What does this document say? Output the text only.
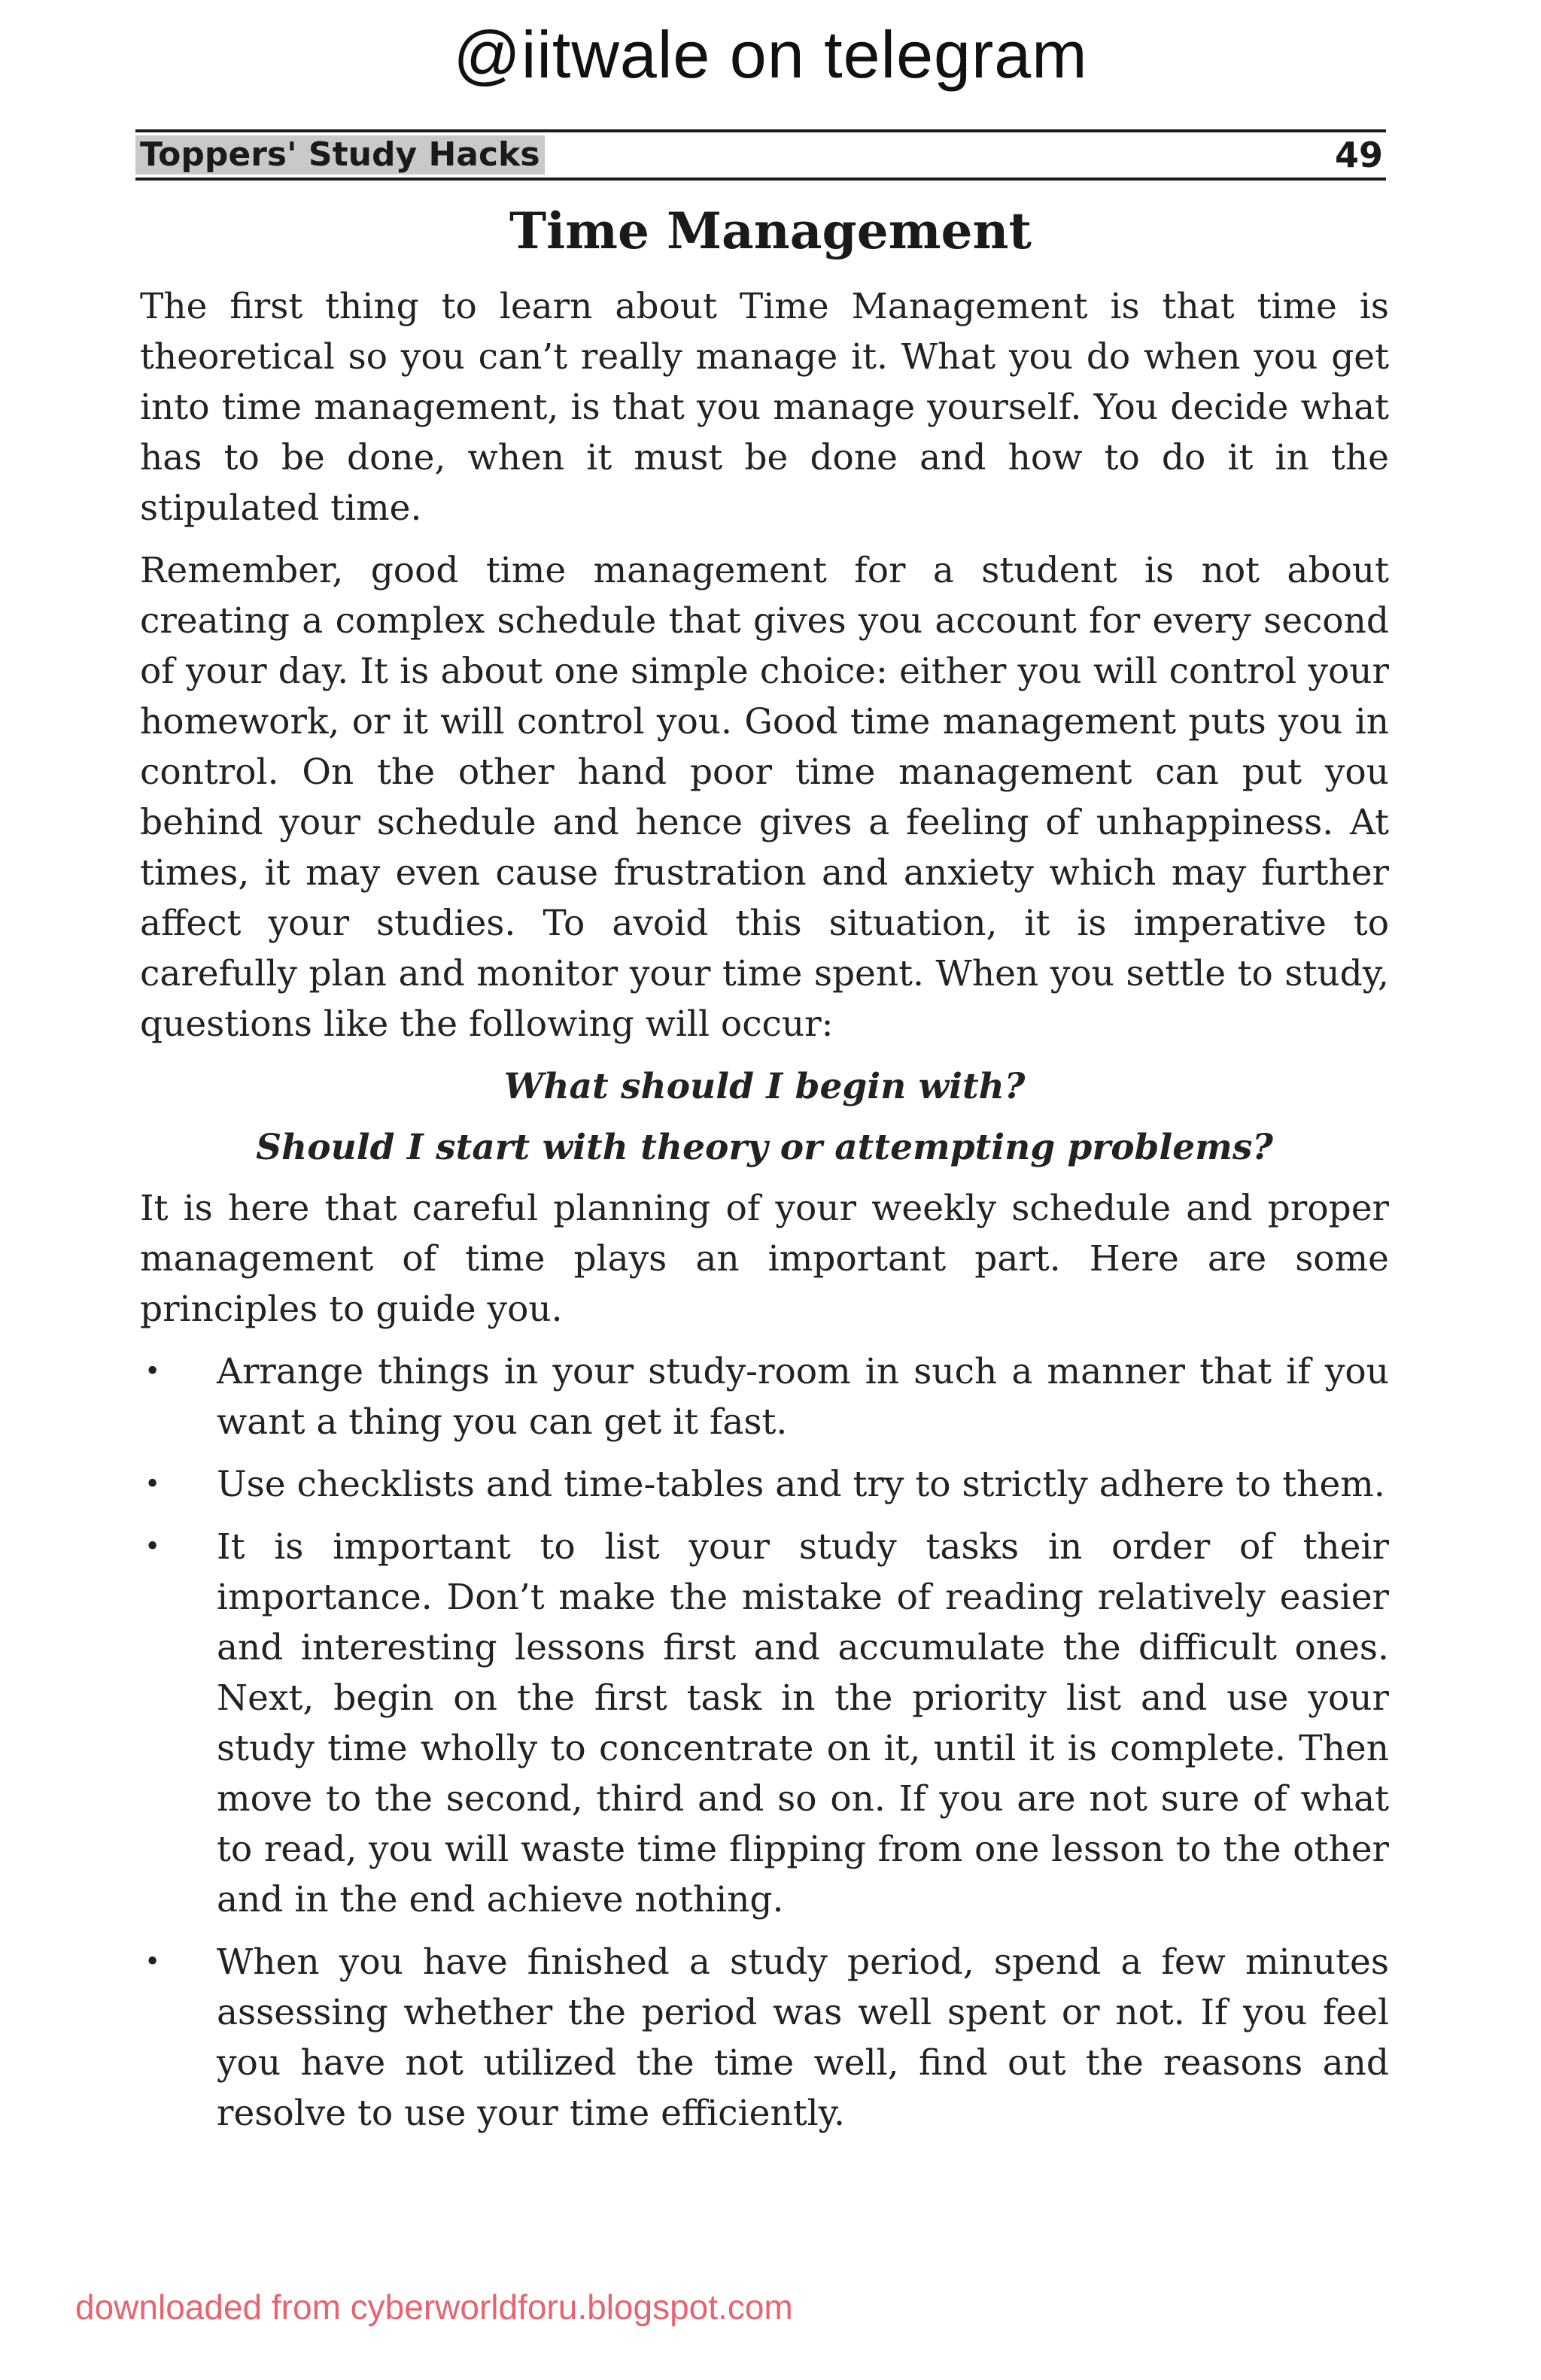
@iitwale on telegram
Toppers' Study Hacks	49
Time Management

The first thing to learn about Time Management is that time is theoretical so you can’t really manage it. What you do when you get into time management, is that you manage yourself. You decide what has to be done, when it must be done and how to do it in the stipulated time.

Remember, good time management for a student is not about creating a complex schedule that gives you account for every second of your day. It is about one simple choice: either you will control your homework, or it will control you. Good time management puts you in control. On the other hand poor time management can put you behind your schedule and hence gives a feeling of unhappiness. At times, it may even cause frustration and anxiety which may further affect your studies. To avoid this situation, it is imperative to carefully plan and monitor your time spent. When you settle to study, questions like the following will occur:

What should I begin with?

Should I start with theory or attempting problems?

It is here that careful planning of your weekly schedule and proper management of time plays an important part. Here are some principles to guide you.

• Arrange things in your study-room in such a manner that if you want a thing you can get it fast.
• Use checklists and time-tables and try to strictly adhere to them.
• It is important to list your study tasks in order of their importance. Don’t make the mistake of reading relatively easier and interesting lessons first and accumulate the difficult ones. Next, begin on the first task in the priority list and use your study time wholly to concentrate on it, until it is complete. Then move to the second, third and so on. If you are not sure of what to read, you will waste time flipping from one lesson to the other and in the end achieve nothing.
• When you have finished a study period, spend a few minutes assessing whether the period was well spent or not. If you feel you have not utilized the time well, find out the reasons and resolve to use your time efficiently.
downloaded from cyberworldforu.blogspot.com
